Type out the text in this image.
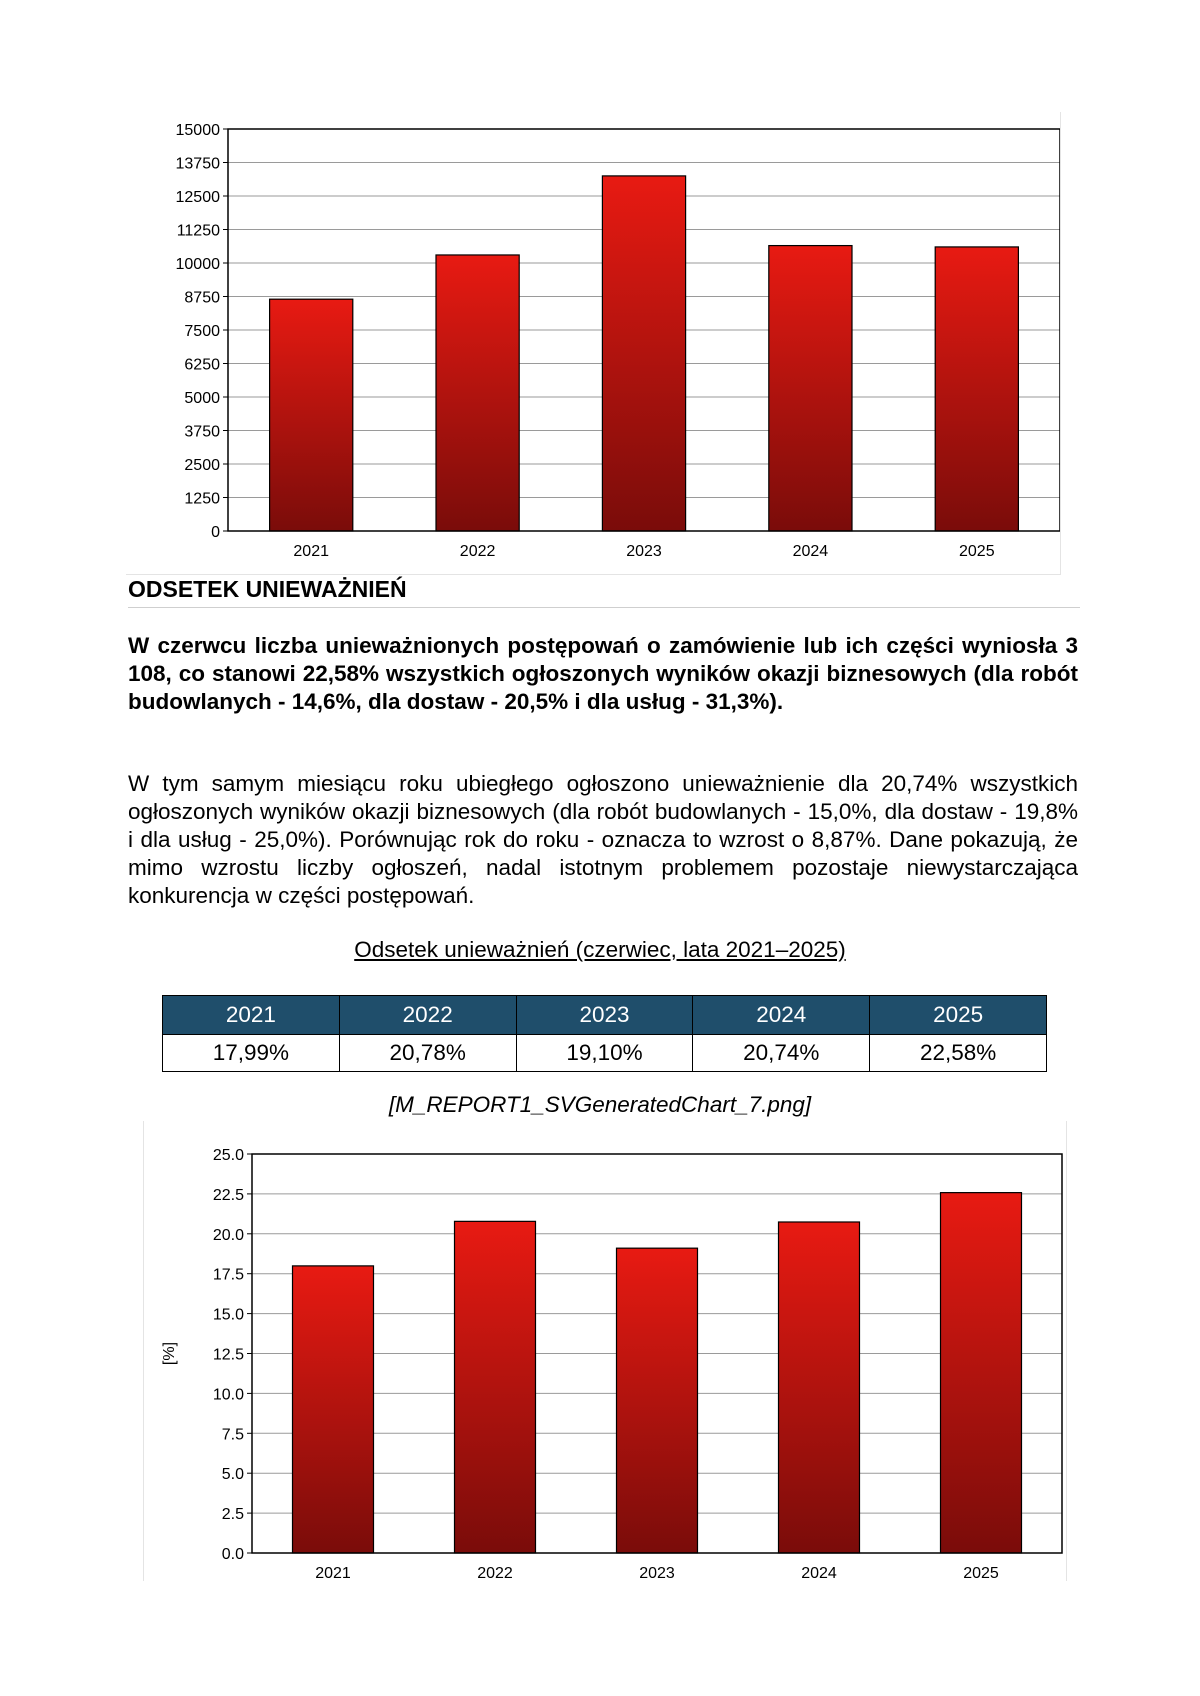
0
1250
2500
3750
5000
6250
7500
8750
10000
11250
12500
13750
15000
2021	2022	2023	2024	2025
ODSETEK UNIEWAŻNIEŃ

W czerwcu liczba unieważnionych postępowań o zamówienie lub ich części wyniosła 3 108, co stanowi 22,58% wszystkich ogłoszonych wyników okazji biznesowych (dla robót budowlanych - 14,6%, dla dostaw - 20,5% i dla usług - 31,3%).

W tym samym miesiącu roku ubiegłego ogłoszono unieważnienie dla 20,74% wszystkich ogłoszonych wyników okazji biznesowych (dla robót budowlanych - 15,0%, dla dostaw - 19,8% i dla usług - 25,0%). Porównując rok do roku - oznacza to wzrost o 8,87%. Dane pokazują, że mimo wzrostu liczby ogłoszeń, nadal istotnym problemem pozostaje niewystarczająca konkurencja w części postępowań.

Odsetek unieważnień (czerwiec, lata 2021–2025)
2021	2022	2023	2024	2025
17,99%	20,78%	19,10%	20,74%	22,58%
[M_REPORT1_SVGeneratedChart_7.png]
0.0
2.5
5.0
7.5
10.0
12.5
15.0
17.5
20.0
22.5
25.0
2021	2022	2023	2024	2025
[%]
